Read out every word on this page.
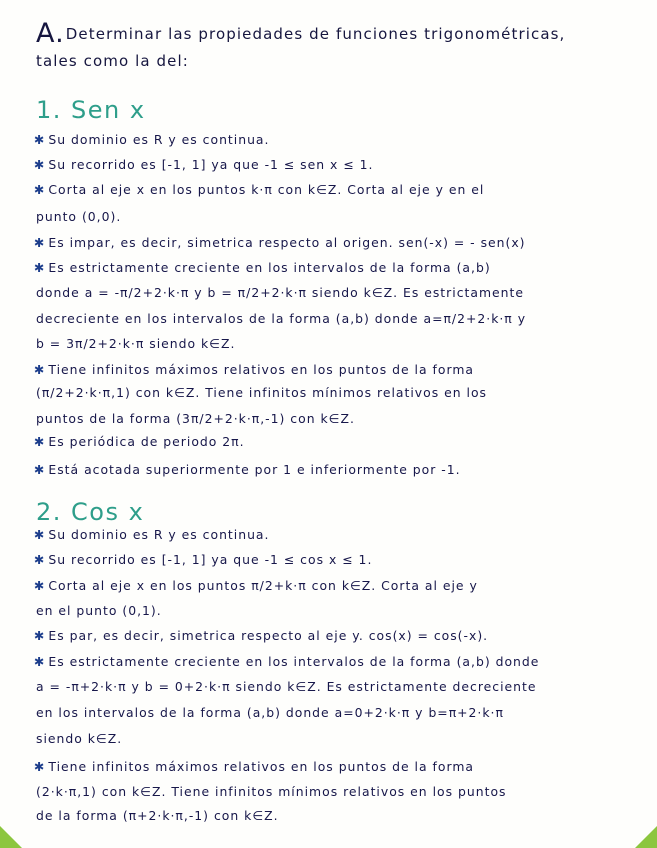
A.Determinar las propiedades de funciones trigonométricas,
tales como la del:
1. Sen x
✱ Su dominio es R y es continua.
✱ Su recorrido es [-1, 1] ya que -1 ≤ sen x ≤ 1.
✱ Corta al eje x en los puntos k·π con k∈Z. Corta al eje y en el
punto (0,0).
✱ Es impar, es decir, simetrica respecto al origen. sen(-x) = - sen(x)
✱ Es estrictamente creciente en los intervalos de la forma (a,b)
donde a = -π/2+2·k·π y b = π/2+2·k·π siendo k∈Z. Es estrictamente
decreciente en los intervalos de la forma (a,b) donde a=π/2+2·k·π y
b = 3π/2+2·k·π siendo k∈Z.
✱ Tiene infinitos máximos relativos en los puntos de la forma
(π/2+2·k·π,1) con k∈Z. Tiene infinitos mínimos relativos en los
puntos de la forma (3π/2+2·k·π,-1) con k∈Z.
✱ Es periódica de periodo 2π.
✱ Está acotada superiormente por 1 e inferiormente por -1.
2. Cos x
✱ Su dominio es R y es continua.
✱ Su recorrido es [-1, 1] ya que -1 ≤ cos x ≤ 1.
✱ Corta al eje x en los puntos π/2+k·π con k∈Z. Corta al eje y
en el punto (0,1).
✱ Es par, es decir, simetrica respecto al eje y. cos(x) = cos(-x).
✱ Es estrictamente creciente en los intervalos de la forma (a,b) donde
a = -π+2·k·π y b = 0+2·k·π siendo k∈Z. Es estrictamente decreciente
en los intervalos de la forma (a,b) donde a=0+2·k·π y b=π+2·k·π
siendo k∈Z.
✱ Tiene infinitos máximos relativos en los puntos de la forma
(2·k·π,1) con k∈Z. Tiene infinitos mínimos relativos en los puntos
de la forma (π+2·k·π,-1) con k∈Z.
